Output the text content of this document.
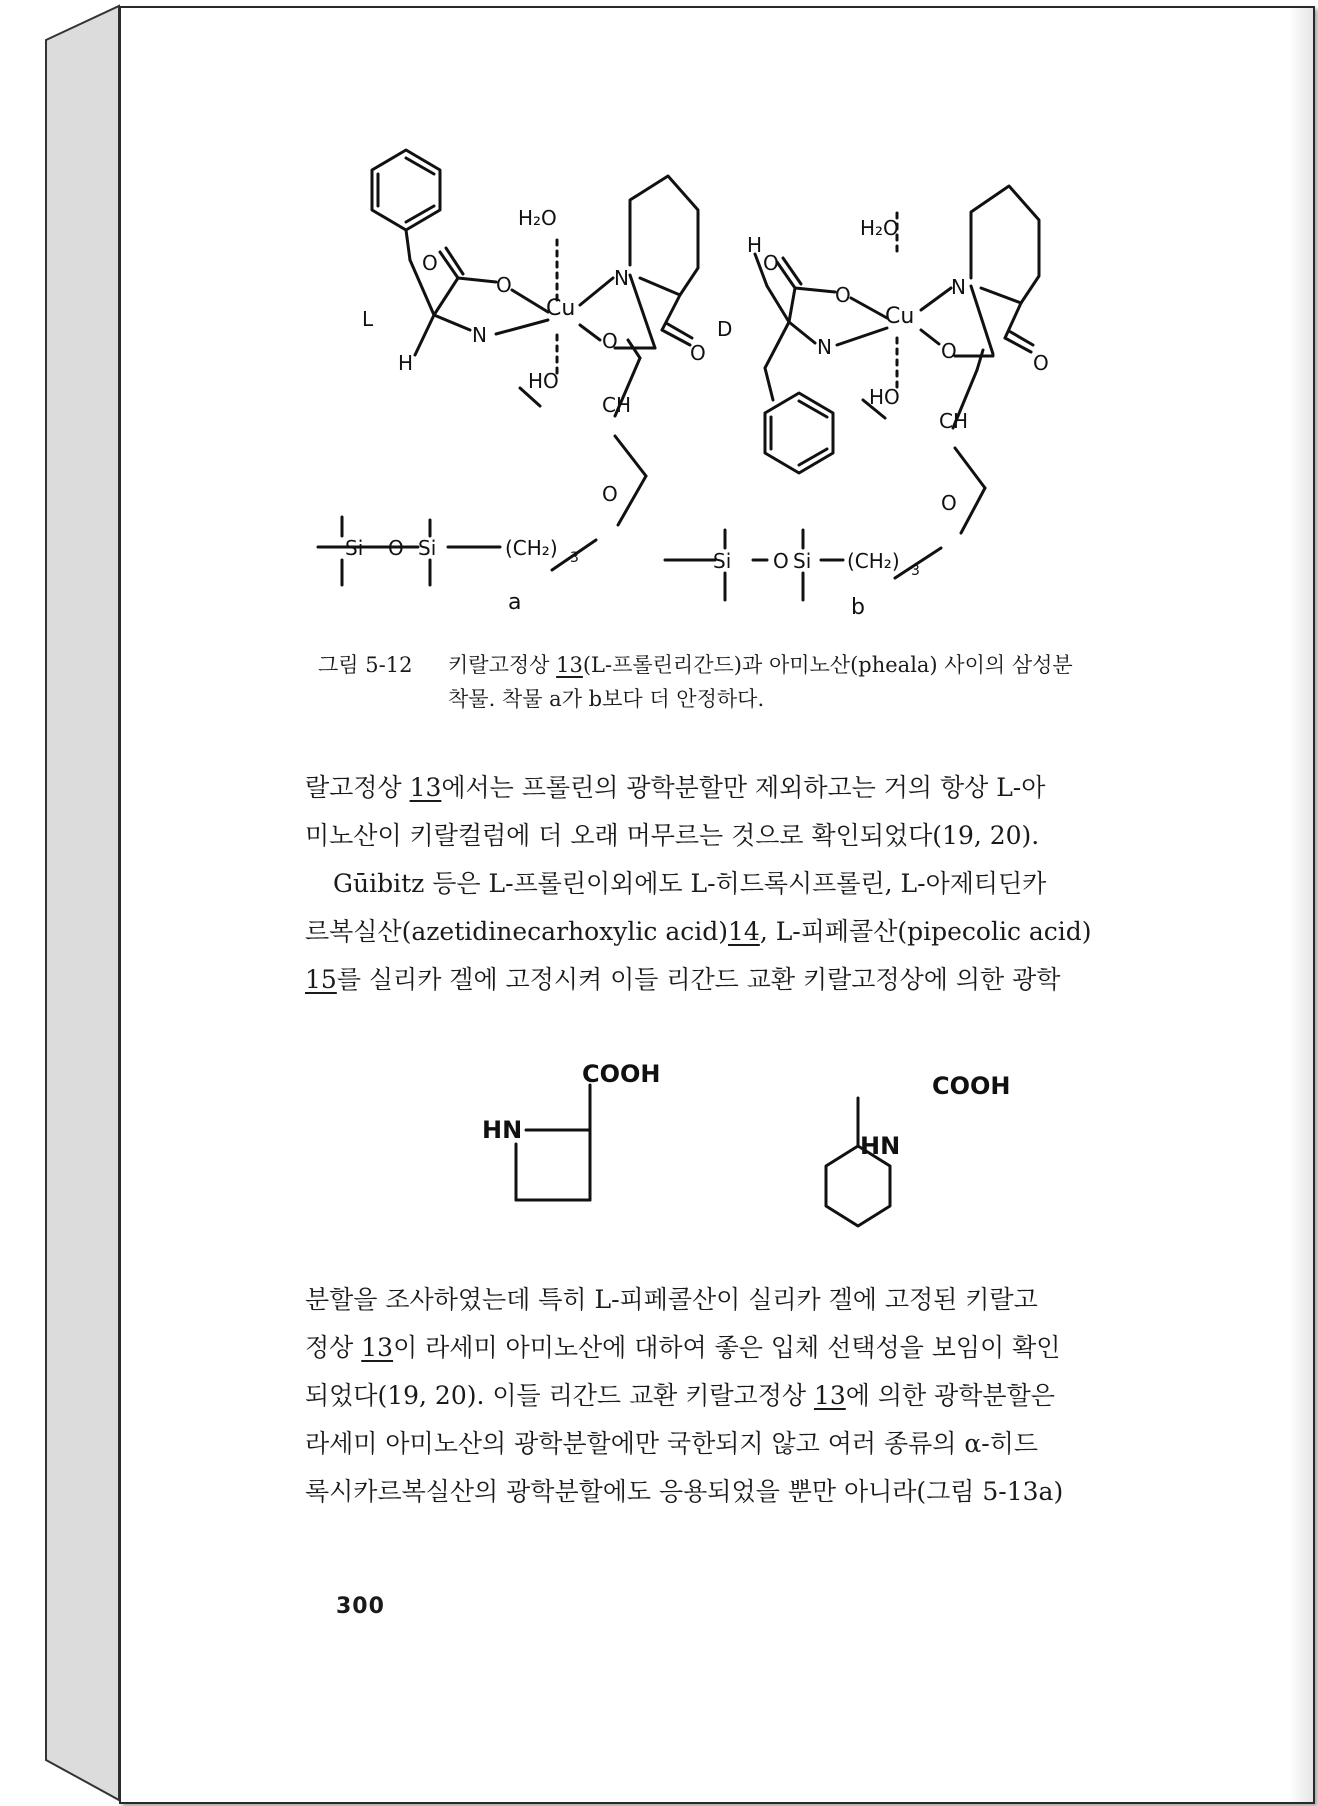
L
H
O
O
N
H₂O
Cu
N
O	O
HO
CH
O
Si O Si	(CH₂) 3
a
H
D
O
O
N
H₂O
Cu
N
O	O
HO
CH
O
Si O Si (CH₂) 3
b
그림 5-12 키랄고정상 13(L-프롤린리간드)과 아미노산(pheala) 사이의 삼성분
착물. 착물 a가 b보다 더 안정하다.

랄고정상 13에서는 프롤린의 광학분할만 제외하고는 거의 항상 L-아

미노산이 키랄컬럼에 더 오래 머무르는 것으로 확인되었다(19, 20).

Gūibitz 등은 L-프롤린이외에도 L-히드록시프롤린, L-아제티딘카

르복실산(azetidinecarhoxylic acid)14, L-피페콜산(pipecolic acid)

15를 실리카 겔에 고정시켜 이들 리간드 교환 키랄고정상에 의한 광학

COOH
HN
COOH
HN

분할을 조사하였는데 특히 L-피페콜산이 실리카 겔에 고정된 키랄고

정상 13이 라세미 아미노산에 대하여 좋은 입체 선택성을 보임이 확인

되었다(19, 20). 이들 리간드 교환 키랄고정상 13에 의한 광학분할은

라세미 아미노산의 광학분할에만 국한되지 않고 여러 종류의 α-히드

록시카르복실산의 광학분할에도 응용되었을 뿐만 아니라(그림 5-13a)

300
